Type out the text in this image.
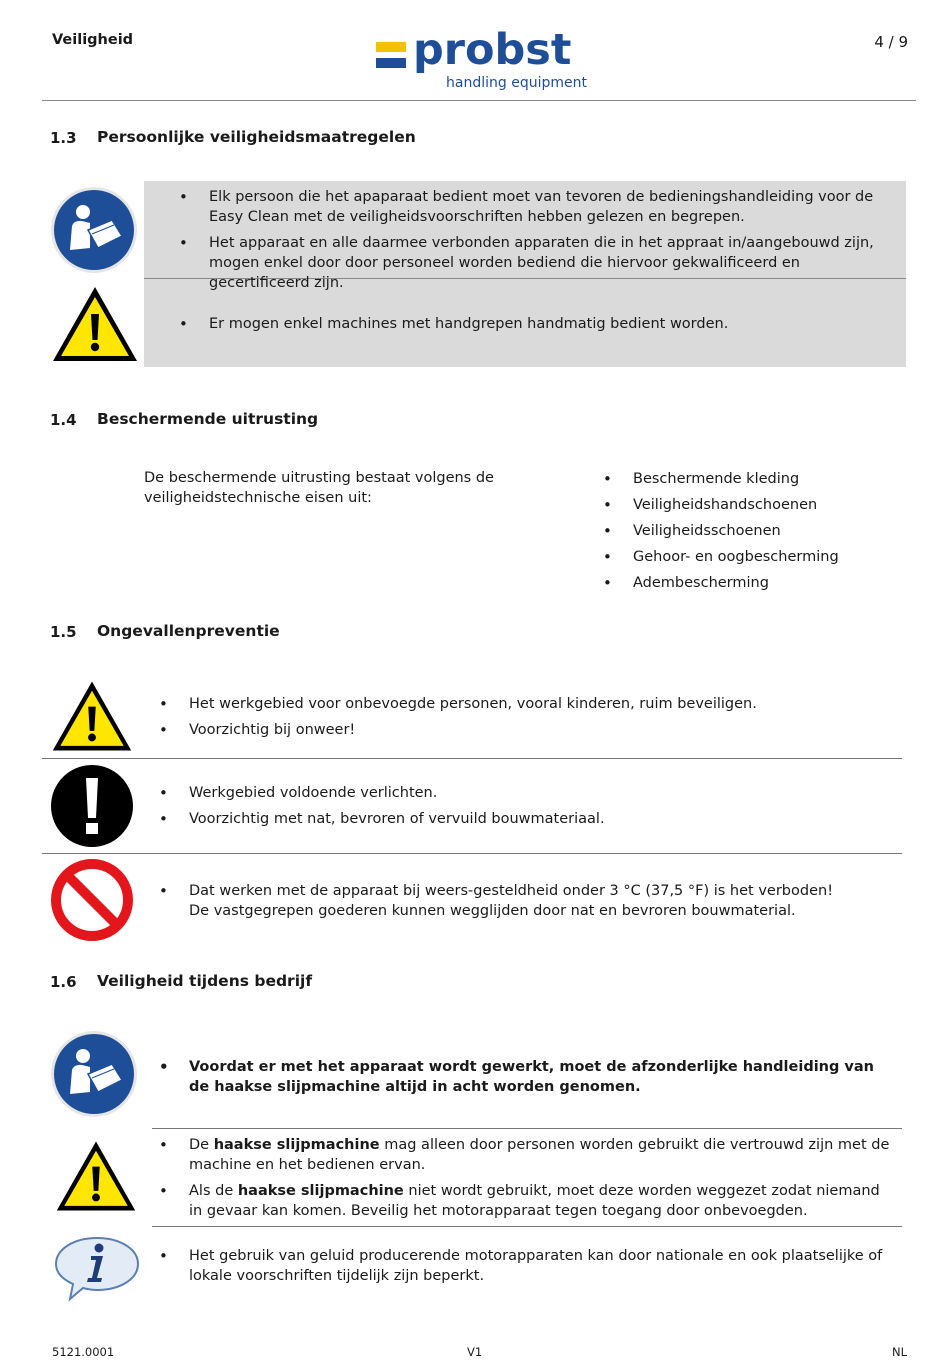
Veiligheid	probst
handling equipment
4 / 9
1.3 Persoonlijke veiligheidsmaatregelen
• Elk persoon die het apaparaat bedient moet van tevoren de bedieningshandleiding voor de Easy Clean met de veiligheidsvoorschriften hebben gelezen en begrepen.
• Het apparaat en alle daarmee verbonden apparaten die in het appraat in/aangebouwd zijn, mogen enkel door door personeel worden bediend die hiervoor gekwalificeerd en gecertificeerd zijn.
• Er mogen enkel machines met handgrepen handmatig bedient worden.
1.4 Beschermende uitrusting
De beschermende uitrusting bestaat volgens de veiligheidstechnische eisen uit:
• Beschermende kleding
• Veiligheidshandschoenen
• Veiligheidsschoenen
• Gehoor- en oogbescherming
• Adembescherming
1.5 Ongevallenpreventie
• Het werkgebied voor onbevoegde personen, vooral kinderen, ruim beveiligen.
• Voorzichtig bij onweer!
• Werkgebied voldoende verlichten.
• Voorzichtig met nat, bevroren of vervuild bouwmateriaal.
• Dat werken met de apparaat bij weers-gesteldheid onder 3 °C (37,5 °F) is het verboden!
De vastgegrepen goederen kunnen wegglijden door nat en bevroren bouwmaterial.
1.6 Veiligheid tijdens bedrijf
• Voordat er met het apparaat wordt gewerkt, moet de afzonderlijke handleiding van de haakse slijpmachine altijd in acht worden genomen.
• De haakse slijpmachine mag alleen door personen worden gebruikt die vertrouwd zijn met de machine en het bedienen ervan.
• Als de haakse slijpmachine niet wordt gebruikt, moet deze worden weggezet zodat niemand in gevaar kan komen. Beveilig het motorapparaat tegen toegang door onbevoegden.
• Het gebruik van geluid producerende motorapparaten kan door nationale en ook plaatselijke of lokale voorschriften tijdelijk zijn beperkt.
5121.0001	V1	NL
